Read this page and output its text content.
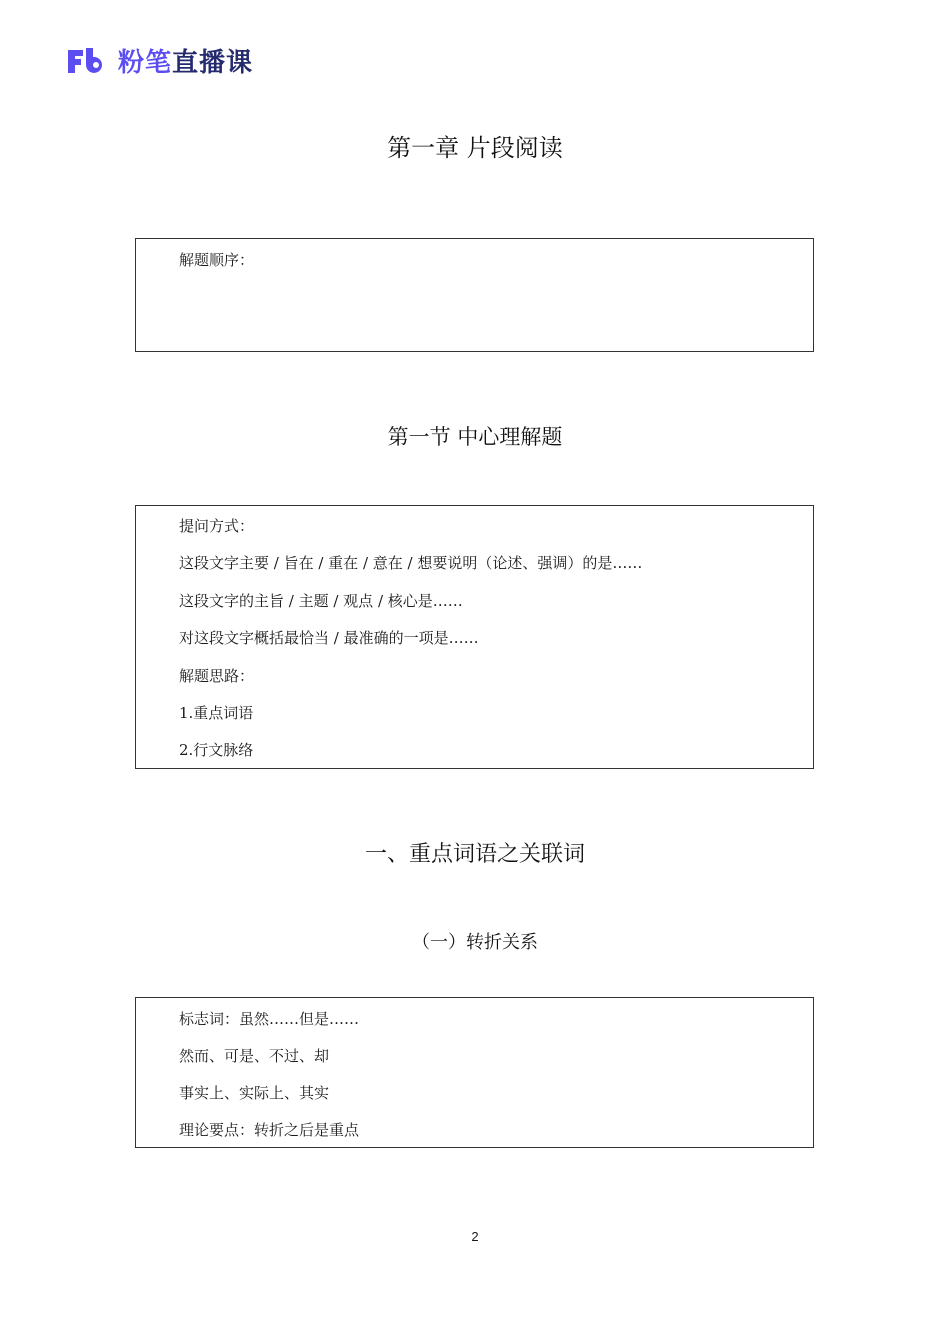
粉笔直播课
第一章 片段阅读
解题顺序：
第一节 中心理解题
提问方式：
这段文字主要 / 旨在 / 重在 / 意在 / 想要说明（论述、强调）的是……
这段文字的主旨 / 主题 / 观点 / 核心是……
对这段文字概括最恰当 / 最准确的一项是……
解题思路：
1.重点词语
2.行文脉络
一、重点词语之关联词
（一）转折关系
标志词：虽然……但是……
然而、可是、不过、却
事实上、实际上、其实
理论要点：转折之后是重点
2
